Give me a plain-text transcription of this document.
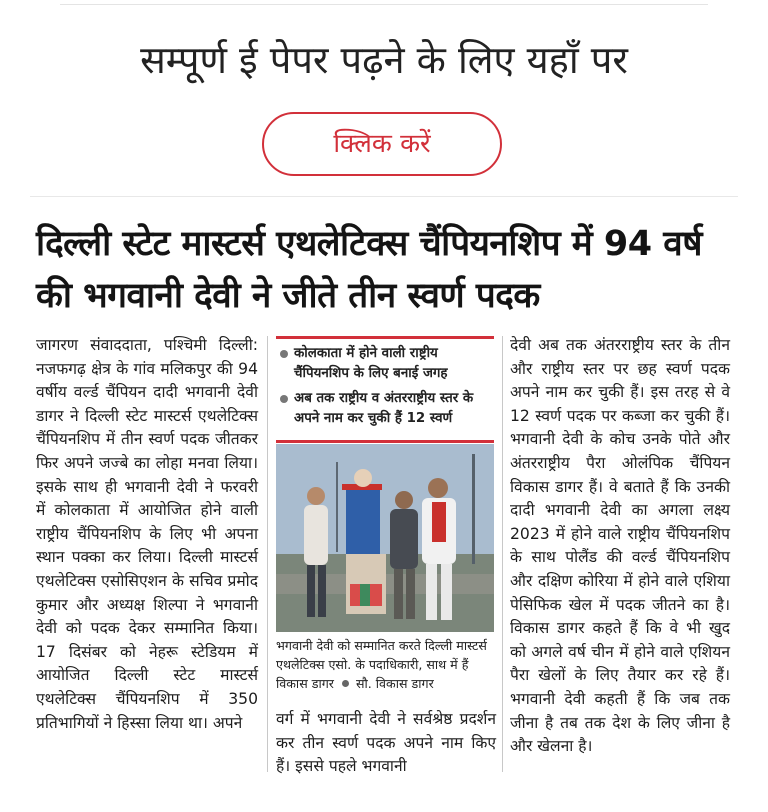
सम्पूर्ण ई पेपर पढ़ने के लिए यहाँ पर
क्लिक करें
दिल्ली स्टेट मास्टर्स एथलेटिक्स चैंपियनशिप में 94 वर्ष की भगवानी देवी ने जीते तीन स्वर्ण पदक
जागरण संवाददाता, पश्चिमी दिल्ली: नजफगढ़ क्षेत्र के गांव मलिकपुर की 94 वर्षीय वर्ल्ड चैंपियन दादी भगवानी देवी डागर ने दिल्ली स्टेट मास्टर्स एथलेटिक्स चैंपियनशिप में तीन स्वर्ण पदक जीतकर फिर अपने जज्बे का लोहा मनवा लिया। इसके साथ ही भगवानी देवी ने फरवरी में कोलकाता में आयोजित होने वाली राष्ट्रीय चैंपियनशिप के लिए भी अपना स्थान पक्का कर लिया। दिल्ली मास्टर्स एथलेटिक्स एसोसिएशन के सचिव प्रमोद कुमार और अध्यक्ष शिल्पा ने भगवानी देवी को पदक देकर सम्मानित किया। 17 दिसंबर को नेहरू स्टेडियम में आयोजित दिल्ली स्टेट मास्टर्स एथलेटिक्स चैंपियनशिप में 350 प्रतिभागियों ने हिस्सा लिया था। अपने
कोलकाता में होने वाली राष्ट्रीय चैंपियनशिप के लिए बनाई जगह
अब तक राष्ट्रीय व अंतरराष्ट्रीय स्तर के अपने नाम कर चुकी हैं 12 स्वर्ण
भगवानी देवी को सम्मानित करते दिल्ली मास्टर्स एथलेटिक्स एसो. के पदाधिकारी, साथ में हैं विकास डागर सौ. विकास डागर
वर्ग में भगवानी देवी ने सर्वश्रेष्ठ प्रदर्शन कर तीन स्वर्ण पदक अपने नाम किए हैं। इससे पहले भगवानी
देवी अब तक अंतरराष्ट्रीय स्तर के तीन और राष्ट्रीय स्तर पर छह स्वर्ण पदक अपने नाम कर चुकी हैं। इस तरह से वे 12 स्वर्ण पदक पर कब्जा कर चुकी हैं। भगवानी देवी के कोच उनके पोते और अंतरराष्ट्रीय पैरा ओलंपिक चैंपियन विकास डागर हैं। वे बताते हैं कि उनकी दादी भगवानी देवी का अगला लक्ष्य 2023 में होने वाले राष्ट्रीय चैंपियनशिप के साथ पोलैंड की वर्ल्ड चैंपियनशिप और दक्षिण कोरिया में होने वाले एशिया पेसिफिक खेल में पदक जीतने का है। विकास डागर कहते हैं कि वे भी खुद को अगले वर्ष चीन में होने वाले एशियन पैरा खेलों के लिए तैयार कर रहे हैं। भगवानी देवी कहती हैं कि जब तक जीना है तब तक देश के लिए जीना है और खेलना है।
